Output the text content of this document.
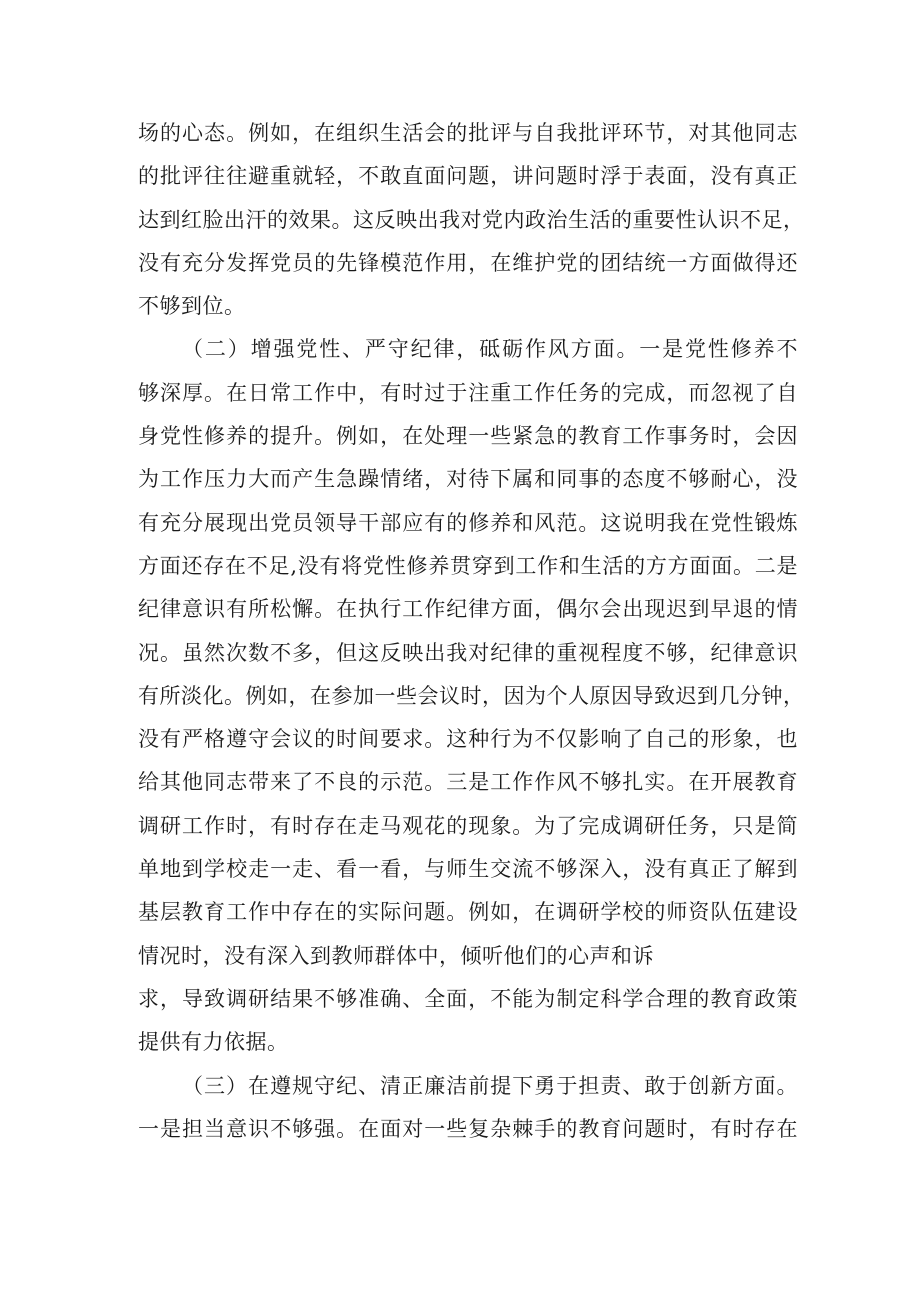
场的心态。例如，在组织生活会的批评与自我批评环节，对其他同志
的批评往往避重就轻，不敢直面问题，讲问题时浮于表面，没有真正
达到红脸出汗的效果。这反映出我对党内政治生活的重要性认识不足，
没有充分发挥党员的先锋模范作用，在维护党的团结统一方面做得还
不够到位。
（二）增强党性、严守纪律，砥砺作风方面。一是党性修养不
够深厚。在日常工作中，有时过于注重工作任务的完成，而忽视了自
身党性修养的提升。例如，在处理一些紧急的教育工作事务时，会因
为工作压力大而产生急躁情绪，对待下属和同事的态度不够耐心，没
有充分展现出党员领导干部应有的修养和风范。这说明我在党性锻炼
方面还存在不足,没有将党性修养贯穿到工作和生活的方方面面。二是
纪律意识有所松懈。在执行工作纪律方面，偶尔会出现迟到早退的情
况。虽然次数不多，但这反映出我对纪律的重视程度不够，纪律意识
有所淡化。例如，在参加一些会议时，因为个人原因导致迟到几分钟，
没有严格遵守会议的时间要求。这种行为不仅影响了自己的形象，也
给其他同志带来了不良的示范。三是工作作风不够扎实。在开展教育
调研工作时，有时存在走马观花的现象。为了完成调研任务，只是简
单地到学校走一走、看一看，与师生交流不够深入，没有真正了解到
基层教育工作中存在的实际问题。例如，在调研学校的师资队伍建设
情况时，没有深入到教师群体中，倾听他们的心声和诉
求，导致调研结果不够准确、全面，不能为制定科学合理的教育政策
提供有力依据。
（三）在遵规守纪、清正廉洁前提下勇于担责、敢于创新方面。
一是担当意识不够强。在面对一些复杂棘手的教育问题时，有时存在
